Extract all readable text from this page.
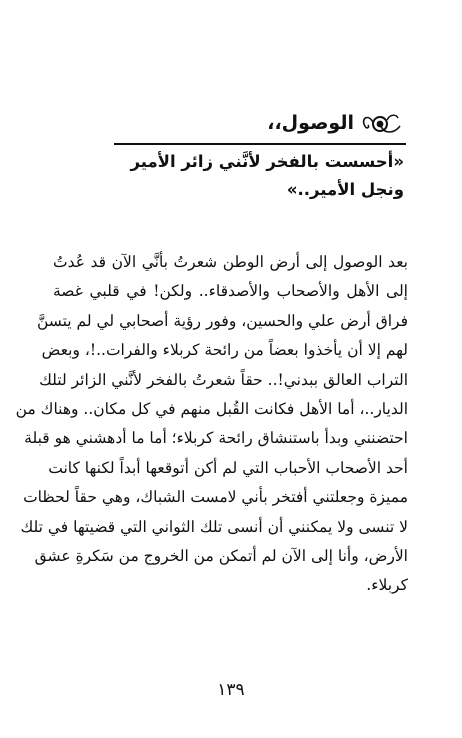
الوصول،،
«أحسست بالفخر لأنَّني زائر الأمير
ونجل الأمير..»
بعد الوصول إلى أرض الوطن شعرتُ بأنَّي الآن قد عُدتُ
إلى الأهل والأصحاب والأصدقاء.. ولكن! في قلبي غصة
فراق أرض علي والحسين، وفور رؤية أصحابي لي لم يتسنَّ
لهم إلا أن يأخذوا بعضاً من رائحة كربلاء والفرات..!، وبعض
التراب العالق ببدني!.. حقاً شعرتُ بالفخر لأنَّني الزائر لتلك
الديار..، أما الأهل فكانت القُبل منهم في كل مكان.. وهناك من
احتضنني وبدأ باستنشاق رائحة كربلاء؛ أما ما أدهشني هو قبلة
أحد الأصحاب الأحباب التي لم أكن أتوقعها أبداً لكنها كانت
مميزة وجعلتني أفتخر بأني لامست الشباك، وهي حقاً لحظات
لا تنسى ولا يمكنني أن أنسى تلك الثواني التي قضيتها في تلك
الأرض، وأنا إلى الآن لم أتمكن من الخروج من سَكرةِ عشق
كربلاء.
١٣٩
